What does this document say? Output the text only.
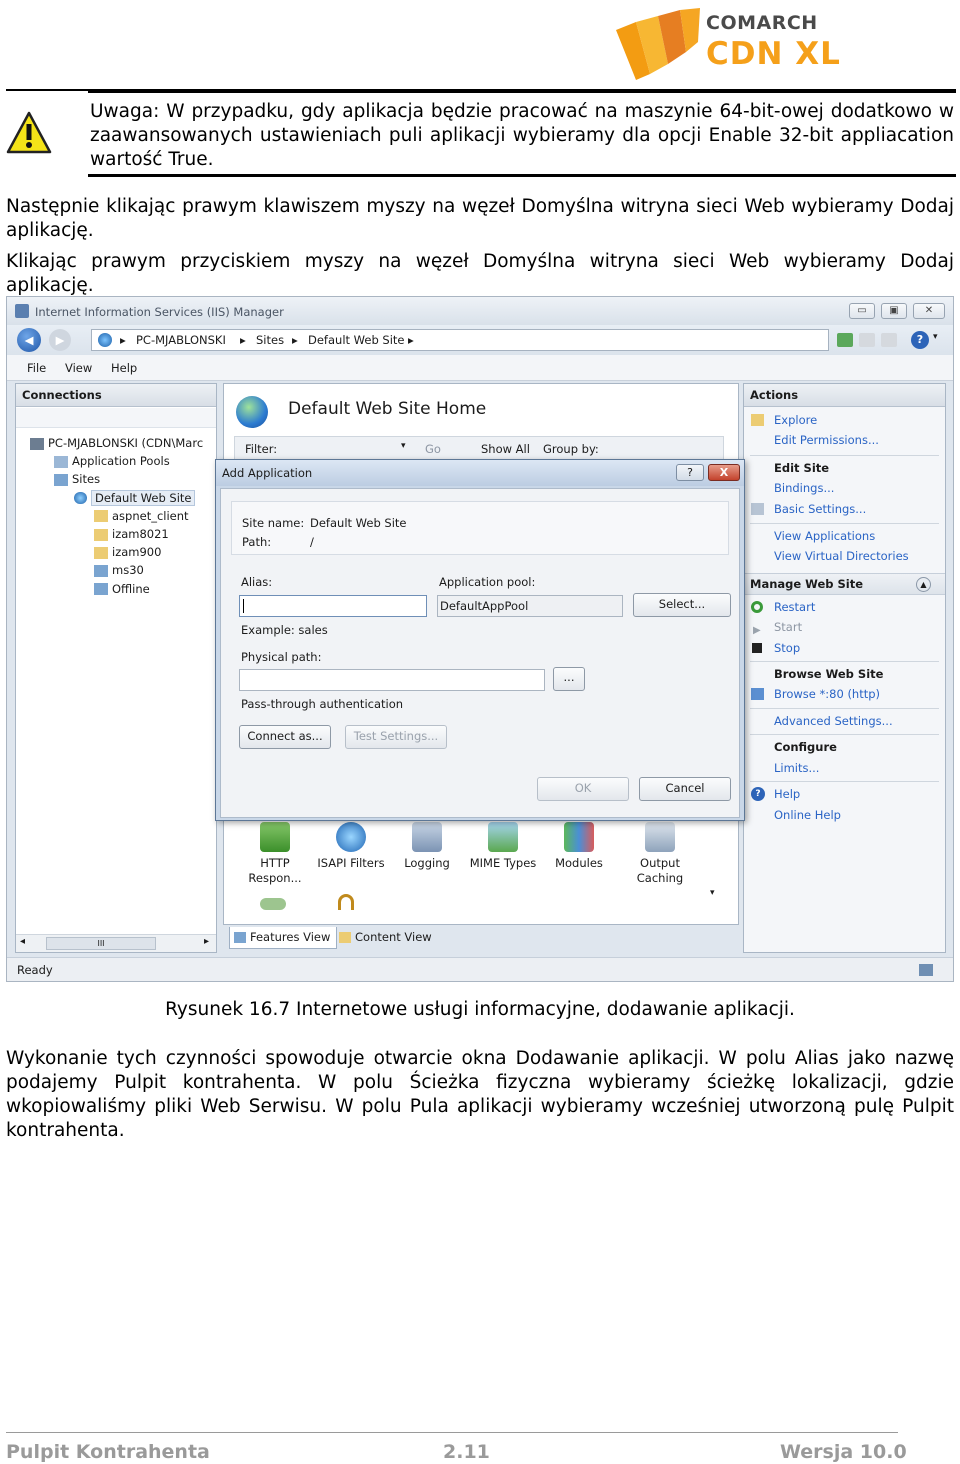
COMARCH
CDN XL
Uwaga: W przypadku, gdy aplikacja będzie pracować na maszynie 64-bit-owej dodatkowo w zaawansowanych ustawieniach puli aplikacji wybieramy dla opcji Enable 32-bit appliacation wartość True.
Następnie klikając prawym klawiszem myszy na węzeł Domyślna witryna sieci Web wybieramy Dodaj aplikację.
Klikając prawym przyciskiem myszy na węzeł Domyślna witryna sieci Web wybieramy Dodaj aplikację.
Internet Information Services (IIS) Manager	▭	▣	✕
◀	▶	▸ PC-MJABLONSKI ▸ Sites ▸ Default Web Site ▸	?	▾
File View Help
Connections
PC-MJABLONSKI (CDN\Marc
Application Pools
Sites
Default Web Site
aspnet_client
izam8021
izam900
ms30
Offline
◂	III	▸
Default Web Site Home
Filter:	▾ Go	Show All Group by:
HTTP Respon...
ISAPI Filters	Logging	MIME Types	Modules	Output Caching
▾
Features View	Content View
Actions
Explore
Edit Permissions...
Edit Site
Bindings...
Basic Settings...
View Applications
View Virtual Directories
Manage Web Site	▲
Restart
▶ Start
Stop
Browse Web Site
Browse *:80 (http)
Advanced Settings...
Configure
Limits...
?	Help
Online Help
Ready
Add Application	?	X
Site name: Default Web Site
Path:	/
Alias:	Application pool:
DefaultAppPool	Select...
Example: sales
Physical path:
...
Pass-through authentication
Connect as...	Test Settings...
OK	Cancel
Rysunek 16.7 Internetowe usługi informacyjne, dodawanie aplikacji.
Wykonanie tych czynności spowoduje otwarcie okna Dodawanie aplikacji. W polu Alias jako nazwę podajemy Pulpit kontrahenta. W polu Ścieżka fizyczna wybieramy ścieżkę lokalizacji, gdzie wkopiowaliśmy pliki Web Serwisu. W polu Pula aplikacji wybieramy wcześniej utworzoną pulę Pulpit kontrahenta.
Pulpit Kontrahenta	2.11	Wersja 10.0
